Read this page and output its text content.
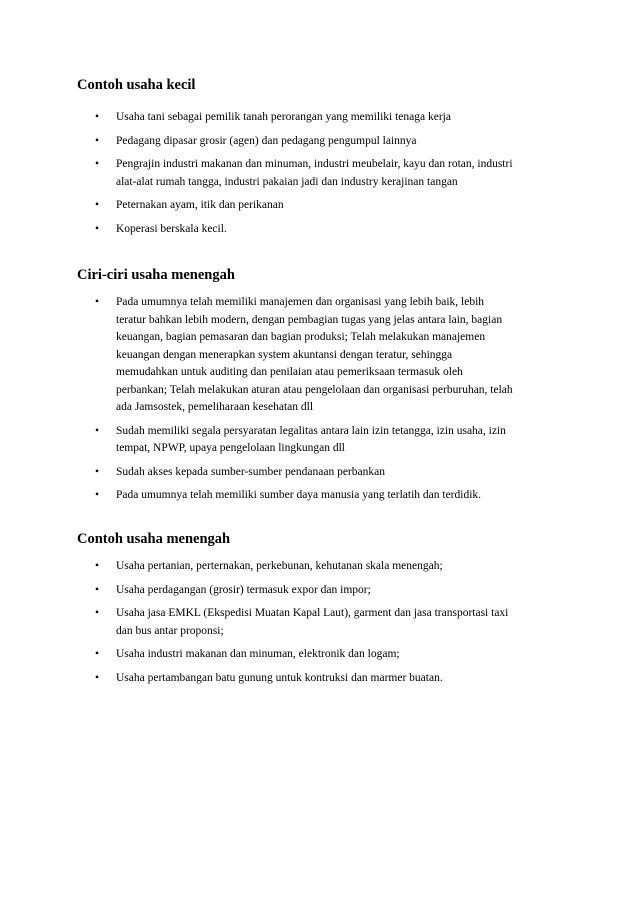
Contoh usaha kecil
• Usaha tani sebagai pemilik tanah perorangan yang memiliki tenaga kerja
• Pedagang dipasar grosir (agen) dan pedagang pengumpul lainnya
• Pengrajin industri makanan dan minuman, industri meubelair, kayu dan rotan, industri
alat-alat rumah tangga, industri pakaian jadi dan industry kerajinan tangan
• Peternakan ayam, itik dan perikanan
• Koperasi berskala kecil.
Ciri-ciri usaha menengah
• Pada umumnya telah memiliki manajemen dan organisasi yang lebih baik, lebih
teratur bahkan lebih modern, dengan pembagian tugas yang jelas antara lain, bagian
keuangan, bagian pemasaran dan bagian produksi; Telah melakukan manajemen
keuangan dengan menerapkan system akuntansi dengan teratur, sehingga
memudahkan untuk auditing dan penilaian atau pemeriksaan termasuk oleh
perbankan; Telah melakukan aturan atau pengelolaan dan organisasi perburuhan, telah
ada Jamsostek, pemeliharaan kesehatan dll
• Sudah memiliki segala persyaratan legalitas antara lain izin tetangga, izin usaha, izin
tempat, NPWP, upaya pengelolaan lingkungan dll
• Sudah akses kepada sumber-sumber pendanaan perbankan
• Pada umumnya telah memiliki sumber daya manusia yang terlatih dan terdidik.
Contoh usaha menengah
• Usaha pertanian, perternakan, perkebunan, kehutanan skala menengah;
• Usaha perdagangan (grosir) termasuk expor dan impor;
• Usaha jasa EMKL (Ekspedisi Muatan Kapal Laut), garment dan jasa transportasi taxi
dan bus antar proponsi;
• Usaha industri makanan dan minuman, elektronik dan logam;
• Usaha pertambangan batu gunung untuk kontruksi dan marmer buatan.
